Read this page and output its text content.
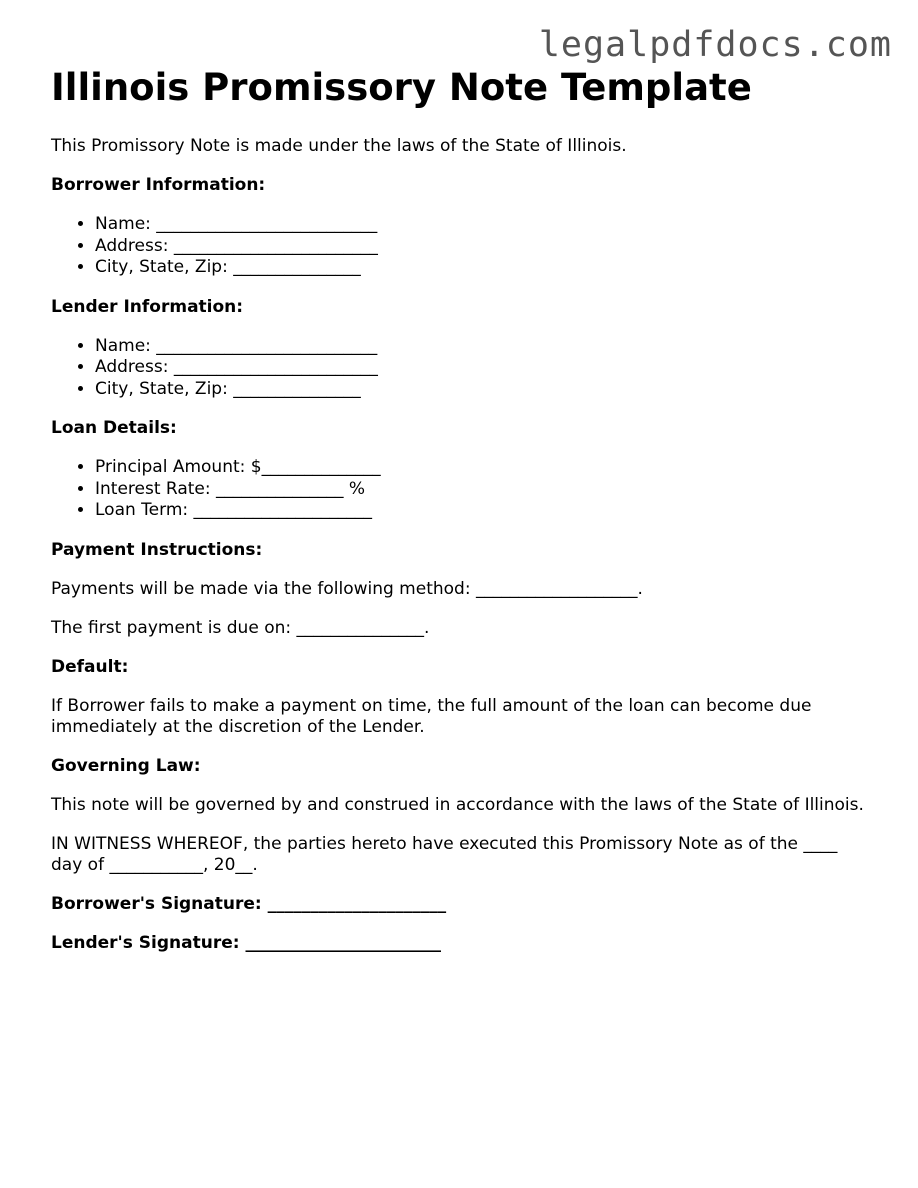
legalpdfdocs.com
Illinois Promissory Note Template

This Promissory Note is made under the laws of the State of Illinois.

Borrower Information:

• Name: __________________________
• Address: ________________________
• City, State, Zip: _______________

Lender Information:

• Name: __________________________
• Address: ________________________
• City, State, Zip: _______________

Loan Details:

• Principal Amount: $______________
• Interest Rate: _______________ %
• Loan Term: _____________________

Payment Instructions:

Payments will be made via the following method: ___________________.

The first payment is due on: _______________.

Default:

If Borrower fails to make a payment on time, the full amount of the loan can become due immediately at the discretion of the Lender.

Governing Law:

This note will be governed by and construed in accordance with the laws of the State of Illinois.

IN WITNESS WHEREOF, the parties hereto have executed this Promissory Note as of the ____ day of ___________, 20__.

Borrower's Signature: _____________________

Lender's Signature: _______________________
